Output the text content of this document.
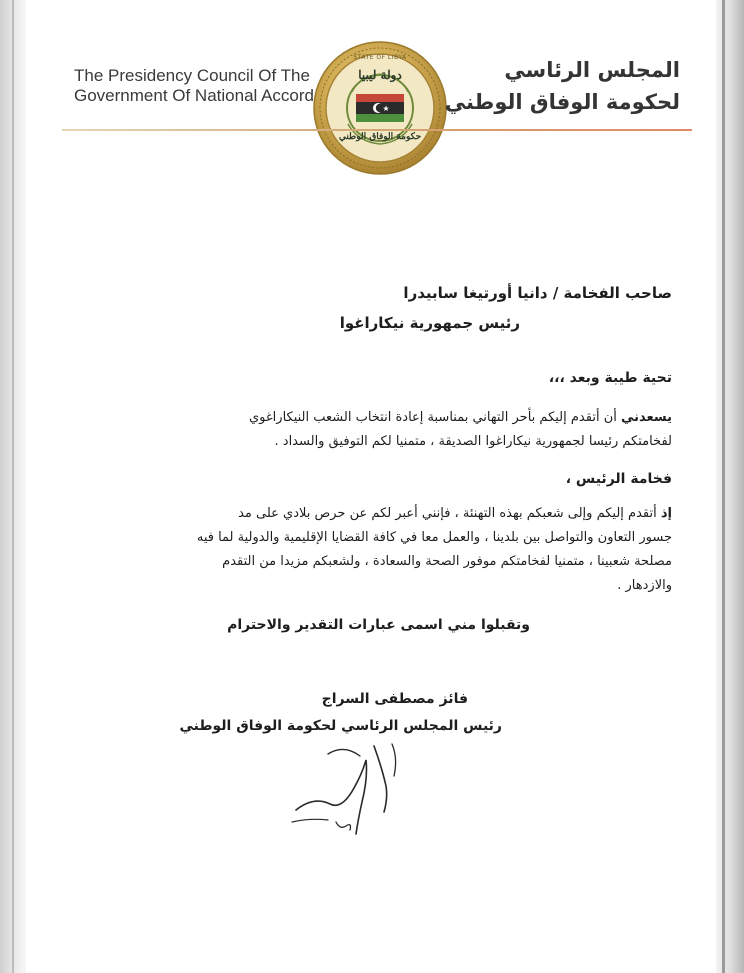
The Presidency Council Of The
Government Of National Accord
STATE OF LIBYA
دولة ليبيا
حكومة الوفاق الوطني
المجلس الرئاسي
لحكومة الوفاق الوطني
صاحب الفخامة / دانيا أورتيغا سابيدرا
رئيس جمهورية نيكاراغوا
تحية طيبة وبعد ،،،
يسعدني أن أتقدم إليكم بأحر التهاني بمناسبة إعادة انتخاب الشعب النيكاراغوي
لفخامتكم رئيسا لجمهورية نيكاراغوا الصديقة ، متمنيا لكم التوفيق والسداد .
فخامة الرئيس ،
إذ أتقدم إليكم وإلى شعبكم بهذه التهنئة ، فإنني أعبر لكم عن حرص بلادي على مد
جسور التعاون والتواصل بين بلدينا ، والعمل معا في كافة القضايا الإقليمية والدولية لما فيه
مصلحة شعبينا ، متمنيا لفخامتكم موفور الصحة والسعادة ، ولشعبكم مزيدا من التقدم
والازدهار .
وتقبلوا مني اسمى عبارات التقدير والاحترام
فائز مصطفى السراج
رئيس المجلس الرئاسي لحكومة الوفاق الوطني
